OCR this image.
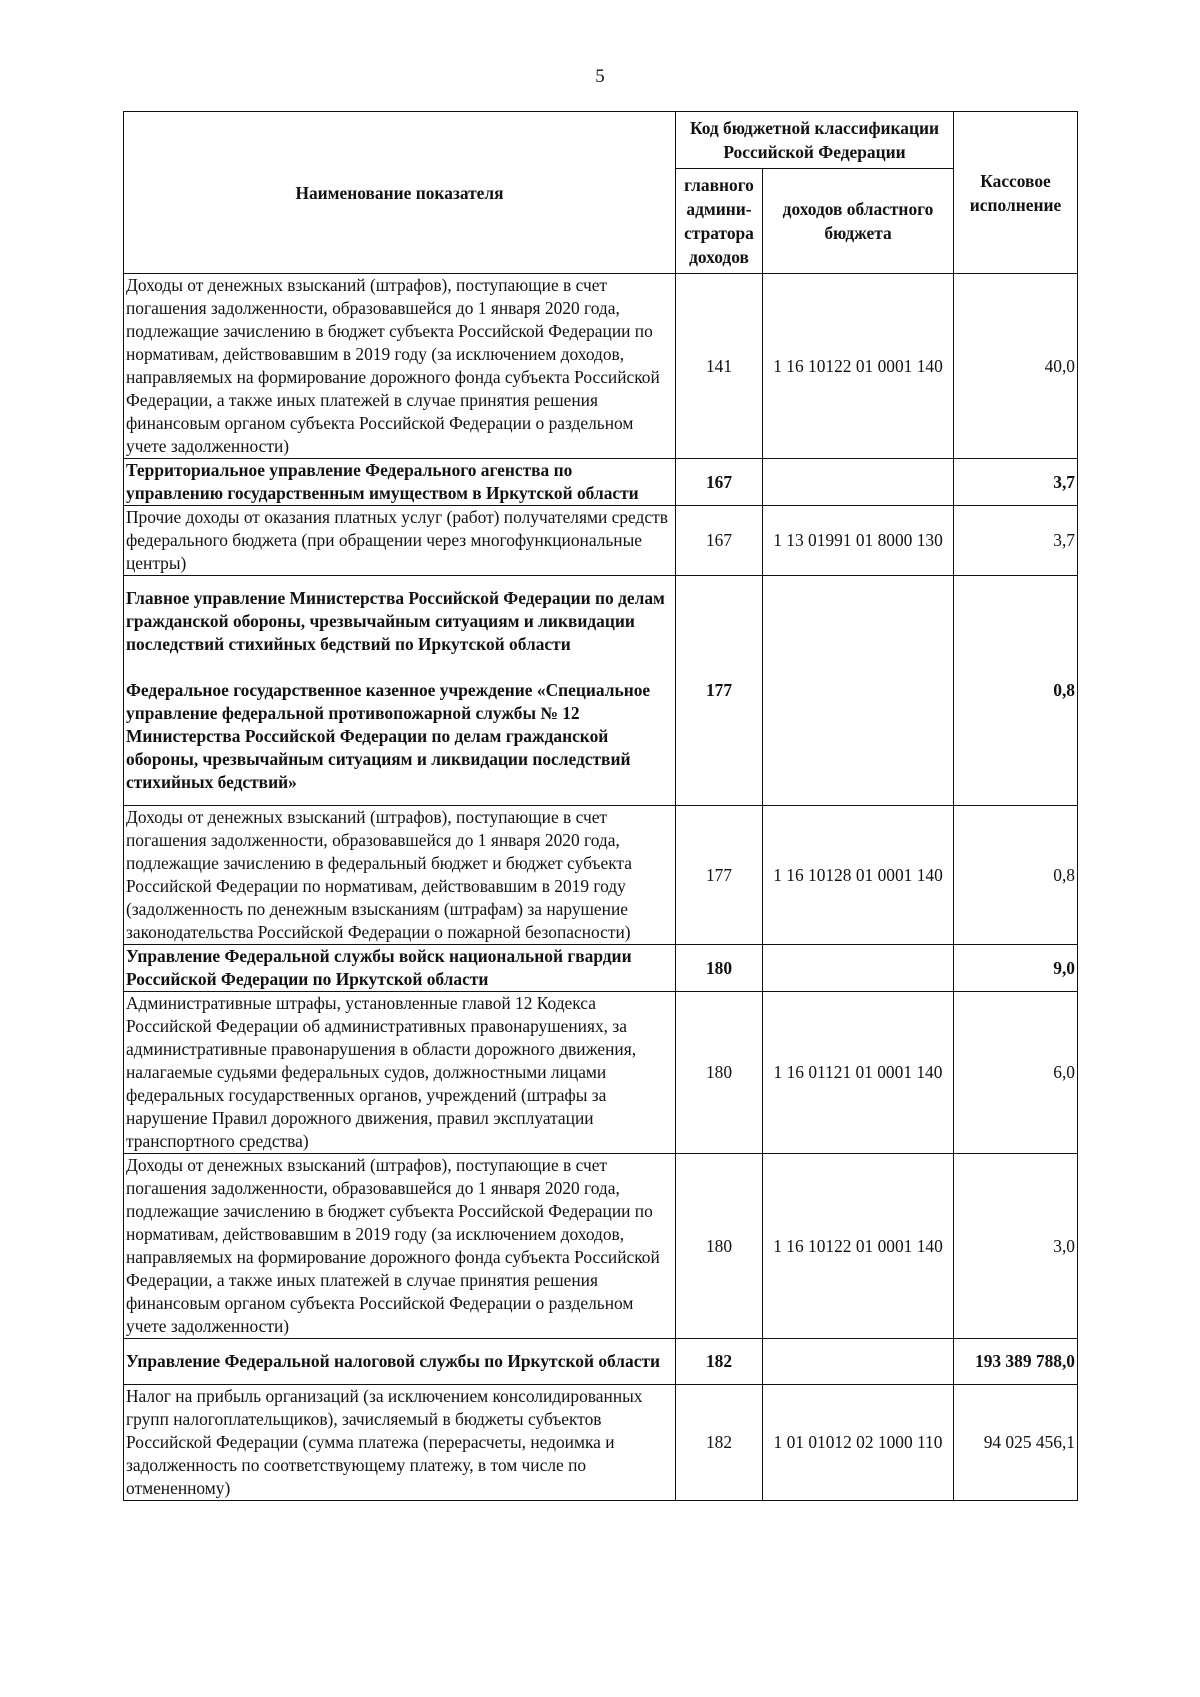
5
Наименование показателя	Код бюджетной классификации Российской Федерации		Кассовое исполнение
	главного админи-стратора доходов	доходов областного бюджета	
Доходы от денежных взысканий (штрафов), поступающие в счет погашения задолженности, образовавшейся до 1 января 2020 года, подлежащие зачислению в бюджет субъекта Российской Федерации по нормативам, действовавшим в 2019 году (за исключением доходов, направляемых на формирование дорожного фонда субъекта Российской Федерации, а также иных платежей в случае принятия решения финансовым органом субъекта Российской Федерации о раздельном учете задолженности)	141	1 16 10122 01 0001 140	40,0
Территориальное управление Федерального агенства по управлению государственным имуществом в Иркутской области	167		3,7
Прочие доходы от оказания платных услуг (работ) получателями средств федерального бюджета (при обращении через многофункциональные центры)	167	1 13 01991 01 8000 130	3,7
Главное управление Министерства Российской Федерации по делам гражданской обороны, чрезвычайным ситуациям и ликвидации последствий стихийных бедствий по Иркутской области
Федеральное государственное казенное учреждение «Специальное управление федеральной противопожарной службы № 12 Министерства Российской Федерации по делам гражданской обороны, чрезвычайным ситуациям и ликвидации последствий стихийных бедствий»	177		0,8
Доходы от денежных взысканий (штрафов), поступающие в счет погашения задолженности, образовавшейся до 1 января 2020 года, подлежащие зачислению в федеральный бюджет и бюджет субъекта Российской Федерации по нормативам, действовавшим в 2019 году (задолженность по денежным взысканиям (штрафам) за нарушение законодательства Российской Федерации о пожарной безопасности)	177	1 16 10128 01 0001 140	0,8
Управление Федеральной службы войск национальной гвардии Российской Федерации по Иркутской области	180		9,0
Административные штрафы, установленные главой 12 Кодекса Российской Федерации об административных правонарушениях, за административные правонарушения в области дорожного движения, налагаемые судьями федеральных судов, должностными лицами федеральных государственных органов, учреждений (штрафы за нарушение Правил дорожного движения, правил эксплуатации транспортного средства)	180	1 16 01121 01 0001 140	6,0
Доходы от денежных взысканий (штрафов), поступающие в счет погашения задолженности, образовавшейся до 1 января 2020 года, подлежащие зачислению в бюджет субъекта Российской Федерации по нормативам, действовавшим в 2019 году (за исключением доходов, направляемых на формирование дорожного фонда субъекта Российской Федерации, а также иных платежей в случае принятия решения финансовым органом субъекта Российской Федерации о раздельном учете задолженности)	180	1 16 10122 01 0001 140	3,0
Управление Федеральной налоговой службы по Иркутской области	182		193 389 788,0
Налог на прибыль организаций (за исключением консолидированных групп налогоплательщиков), зачисляемый в бюджеты субъектов Российской Федерации (сумма платежа (перерасчеты, недоимка и задолженность по соответствующему платежу, в том числе по отмененному)	182	1 01 01012 02 1000 110	94 025 456,1
